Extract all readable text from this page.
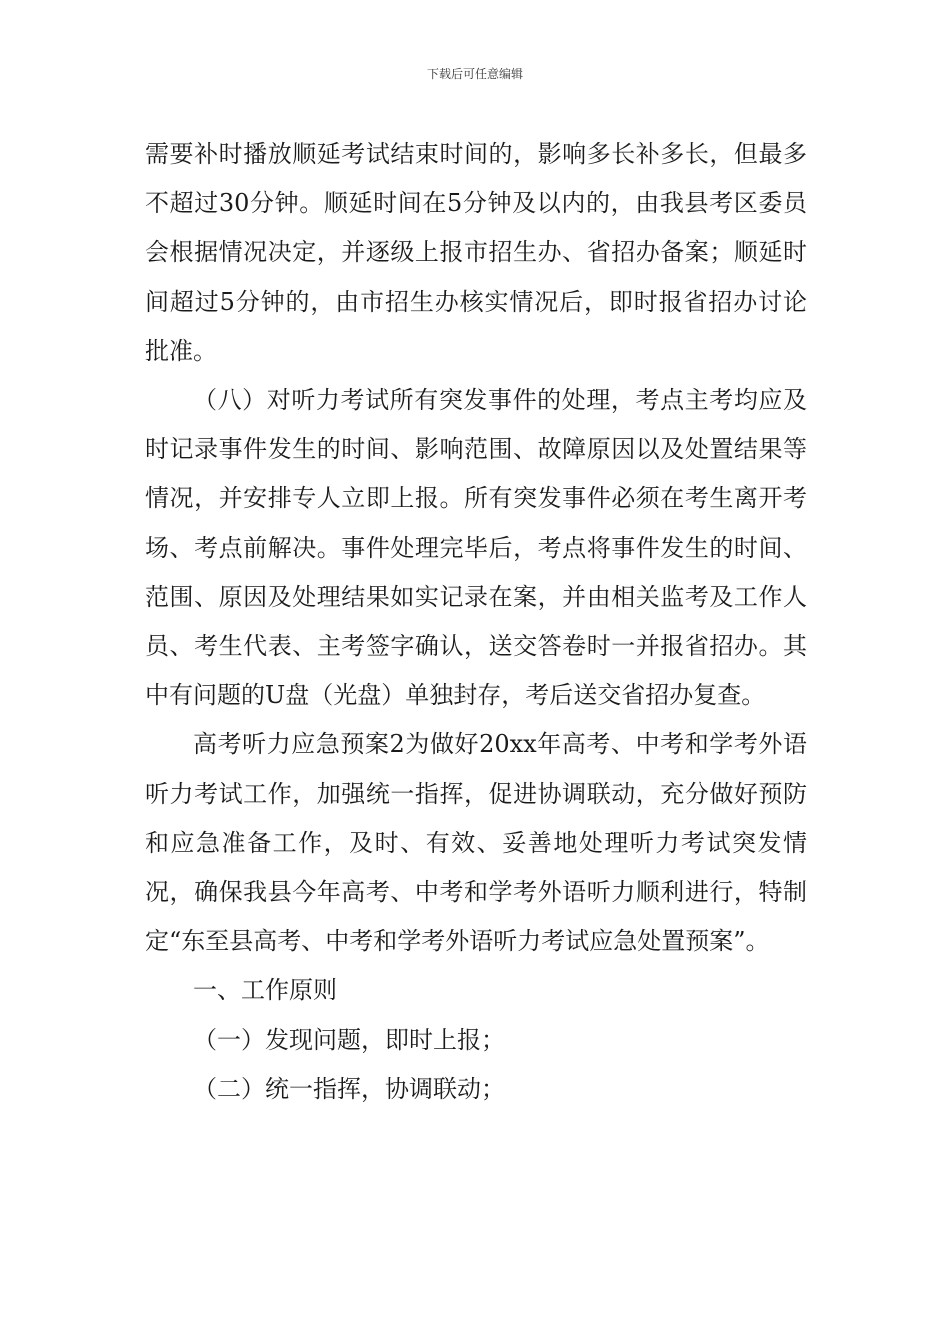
下载后可任意编辑

需要补时播放顺延考试结束时间的，影响多长补多长，但最多不超过30分钟。顺延时间在5分钟及以内的，由我县考区委员会根据情况决定，并逐级上报市招生办、省招办备案；顺延时间超过5分钟的，由市招生办核实情况后，即时报省招办讨论批准。

（八）对听力考试所有突发事件的处理，考点主考均应及时记录事件发生的时间、影响范围、故障原因以及处置结果等情况，并安排专人立即上报。所有突发事件必须在考生离开考场、考点前解决。事件处理完毕后，考点将事件发生的时间、范围、原因及处理结果如实记录在案，并由相关监考及工作人员、考生代表、主考签字确认，送交答卷时一并报省招办。其中有问题的U盘（光盘）单独封存，考后送交省招办复查。

高考听力应急预案2为做好20xx年高考、中考和学考外语听力考试工作，加强统一指挥，促进协调联动，充分做好预防和应急准备工作，及时、有效、妥善地处理听力考试突发情况，确保我县今年高考、中考和学考外语听力顺利进行，特制定“东至县高考、中考和学考外语听力考试应急处置预案”。

一、工作原则

（一）发现问题，即时上报；

（二）统一指挥，协调联动；
